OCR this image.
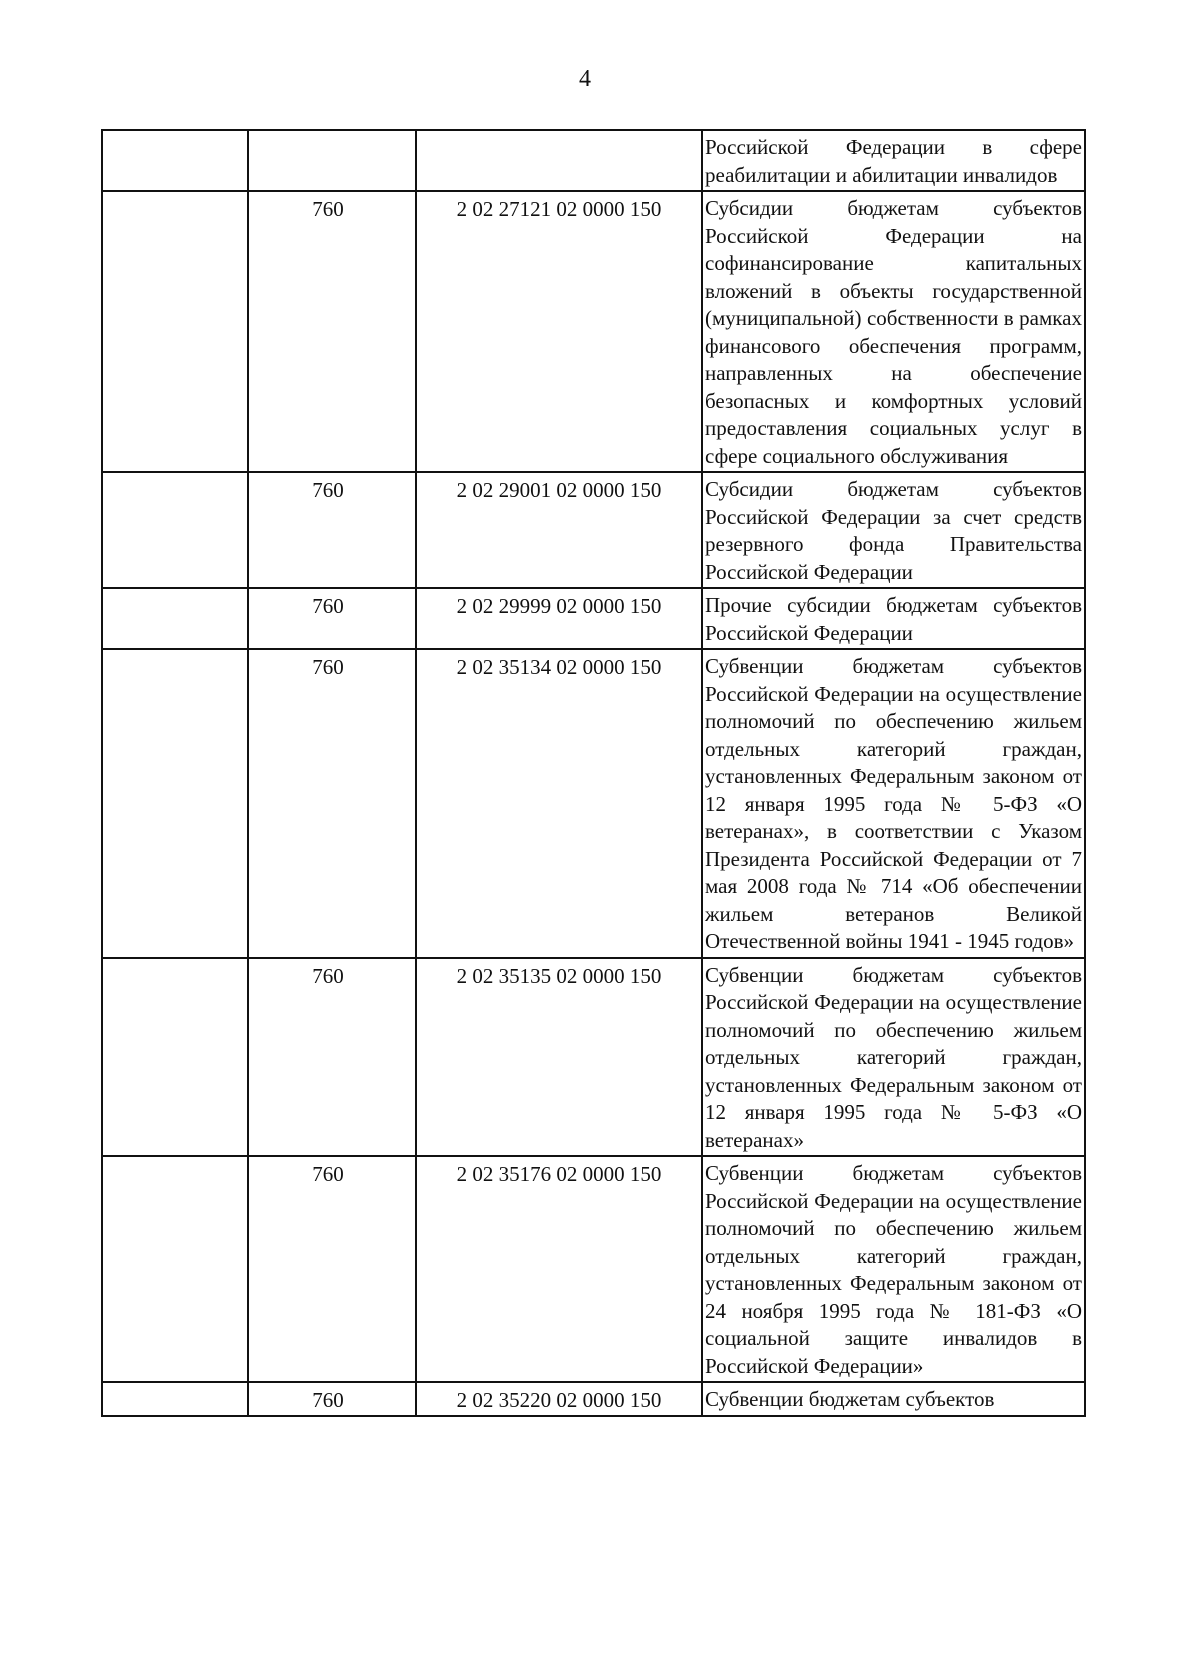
4
			Российской Федерации в сфере реабилитации и абилитации инвалидов
	760	2 02 27121 02 0000 150	Субсидии бюджетам субъектов Российской Федерации на софинансирование капитальных вложений в объекты государственной (муниципальной) собственности в рамках финансового обеспечения программ, направленных на обеспечение безопасных и комфортных условий предоставления социальных услуг в сфере социального обслуживания
	760	2 02 29001 02 0000 150	Субсидии бюджетам субъектов Российской Федерации за счет средств резервного фонда Правительства Российской Федерации
	760	2 02 29999 02 0000 150	Прочие субсидии бюджетам субъектов Российской Федерации
	760	2 02 35134 02 0000 150	Субвенции бюджетам субъектов Российской Федерации на осуществление полномочий по обеспечению жильем отдельных категорий граждан, установленных Федеральным законом от 12 января 1995 года № 5-ФЗ «О ветеранах», в соответствии с Указом Президента Российской Федерации от 7 мая 2008 года № 714 «Об обеспечении жильем ветеранов Великой Отечественной войны 1941 - 1945 годов»
	760	2 02 35135 02 0000 150	Субвенции бюджетам субъектов Российской Федерации на осуществление полномочий по обеспечению жильем отдельных категорий граждан, установленных Федеральным законом от 12 января 1995 года № 5-ФЗ «О ветеранах»
	760	2 02 35176 02 0000 150	Субвенции бюджетам субъектов Российской Федерации на осуществление полномочий по обеспечению жильем отдельных категорий граждан, установленных Федеральным законом от 24 ноября 1995 года № 181-ФЗ «О социальной защите инвалидов в Российской Федерации»
	760	2 02 35220 02 0000 150	Субвенции бюджетам субъектов
